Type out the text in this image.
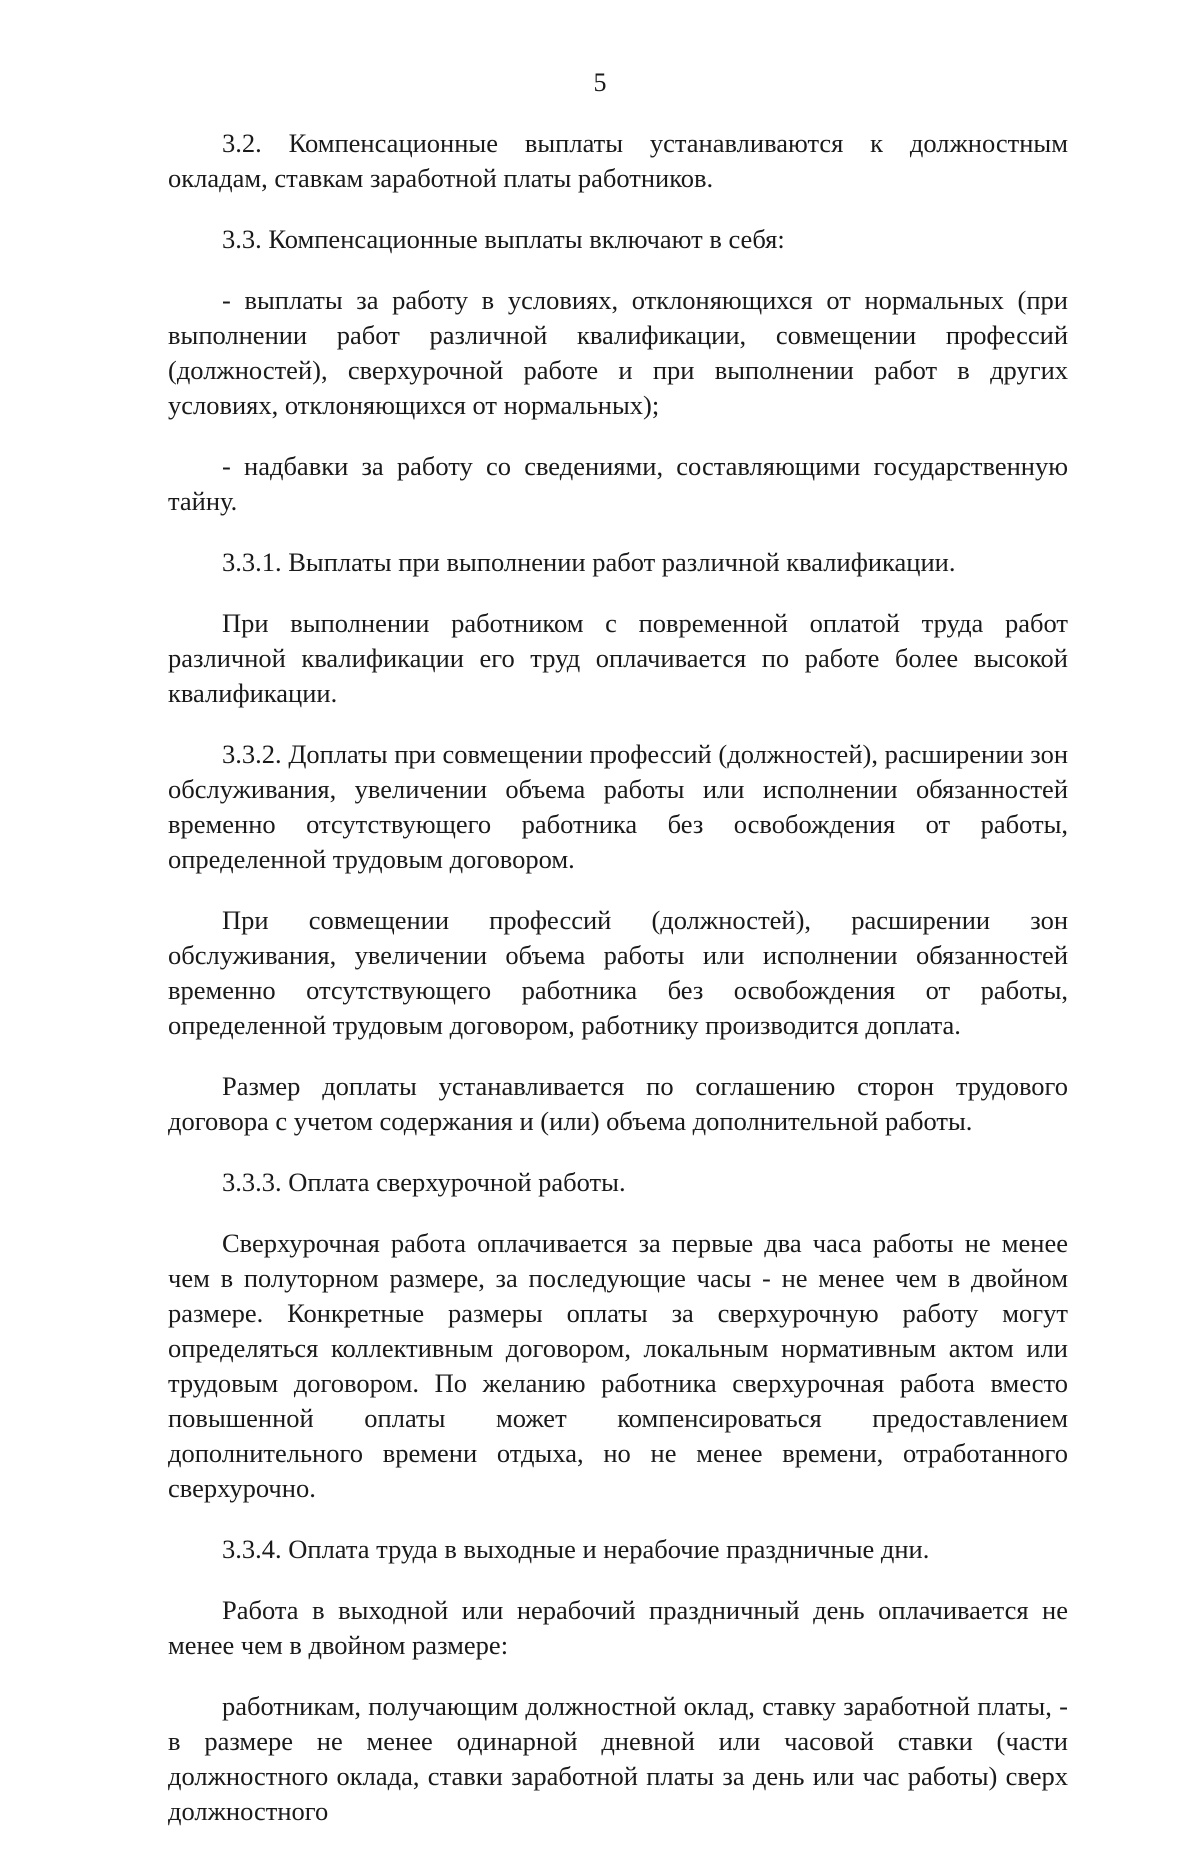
5

3.2. Компенсационные выплаты устанавливаются к должностным окладам, ставкам заработной платы работников.

3.3. Компенсационные выплаты включают в себя:

- выплаты за работу в условиях, отклоняющихся от нормальных (при выполнении работ различной квалификации, совмещении профессий (должностей), сверхурочной работе и при выполнении работ в других условиях, отклоняющихся от нормальных);

- надбавки за работу со сведениями, составляющими государственную тайну.

3.3.1. Выплаты при выполнении работ различной квалификации.

При выполнении работником с повременной оплатой труда работ различной квалификации его труд оплачивается по работе более высокой квалификации.

3.3.2. Доплаты при совмещении профессий (должностей), расширении зон обслуживания, увеличении объема работы или исполнении обязанностей временно отсутствующего работника без освобождения от работы, определенной трудовым договором.

При совмещении профессий (должностей), расширении зон обслуживания, увеличении объема работы или исполнении обязанностей временно отсутствующего работника без освобождения от работы, определенной трудовым договором, работнику производится доплата.

Размер доплаты устанавливается по соглашению сторон трудового договора с учетом содержания и (или) объема дополнительной работы.

3.3.3. Оплата сверхурочной работы.

Сверхурочная работа оплачивается за первые два часа работы не менее чем в полуторном размере, за последующие часы - не менее чем в двойном размере. Конкретные размеры оплаты за сверхурочную работу могут определяться коллективным договором, локальным нормативным актом или трудовым договором. По желанию работника сверхурочная работа вместо повышенной оплаты может компенсироваться предоставлением дополнительного времени отдыха, но не менее времени, отработанного сверхурочно.

3.3.4. Оплата труда в выходные и нерабочие праздничные дни.

Работа в выходной или нерабочий праздничный день оплачивается не менее чем в двойном размере:

работникам, получающим должностной оклад, ставку заработной платы, - в размере не менее одинарной дневной или часовой ставки (части должностного оклада, ставки заработной платы за день или час работы) сверх должностного
